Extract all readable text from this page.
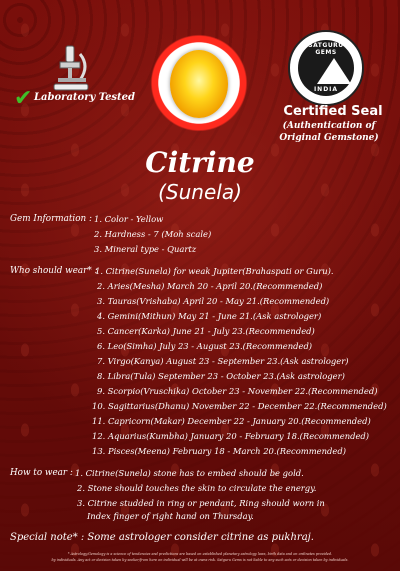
✔ Laboratory Tested
SATGURU GEMS
INDIA
Certified Seal
(Authentication of Original Gemstone)
Citrine
(Sunela)
Gem Information : 1. Color - Yellow
2. Hardness - 7 (Moh scale)
3. Mineral type - Quartz
Who should wear* :
1. Citrine(Sunela) for weak Jupiter(Brahaspati or Guru).
2. Aries(Mesha) March 20 - April 20.(Recommended)
3. Tauras(Vrishaba) April 20 - May 21.(Recommended)
4. Gemini(Mithun) May 21 - June 21.(Ask astrologer)
5. Cancer(Karka) June 21 - July 23.(Recommended)
6. Leo(Simha) July 23 - August 23.(Recommended)
7. Virgo(Kanya) August 23 - September 23.(Ask astrologer)
8. Libra(Tula) September 23 - October 23.(Ask astrologer)
9. Scorpio(Vruschika) October 23 - November 22.(Recommended)
10. Sagittarius(Dhanu) November 22 - December 22.(Recommended)
11. Capricorn(Makar) December 22 - January 20.(Recommended)
12. Aquarius(Kumbha) January 20 - February 18.(Recommended)
13. Pisces(Meena) February 18 - March 20.(Recommended)
How to wear : 1. Citrine(Sunela) stone has to embed should be gold.
2. Stone should touches the skin to circulate the energy.
3. Citrine studded in ring or pendant, Ring should worn in
Index finger of right hand on Thursday.
Special note* : Some astrologer consider citrine as pukhraj.
* Astrology/Gemology is a science of tendencies and predictions are based on established planetary astrology laws, birth data and on ordinates provided.
by individuals. Any act or decision taken by seeker/from here on individual will be at owns risk. Satguru Gems is not liable to any such acts or decision taken by individuals.
